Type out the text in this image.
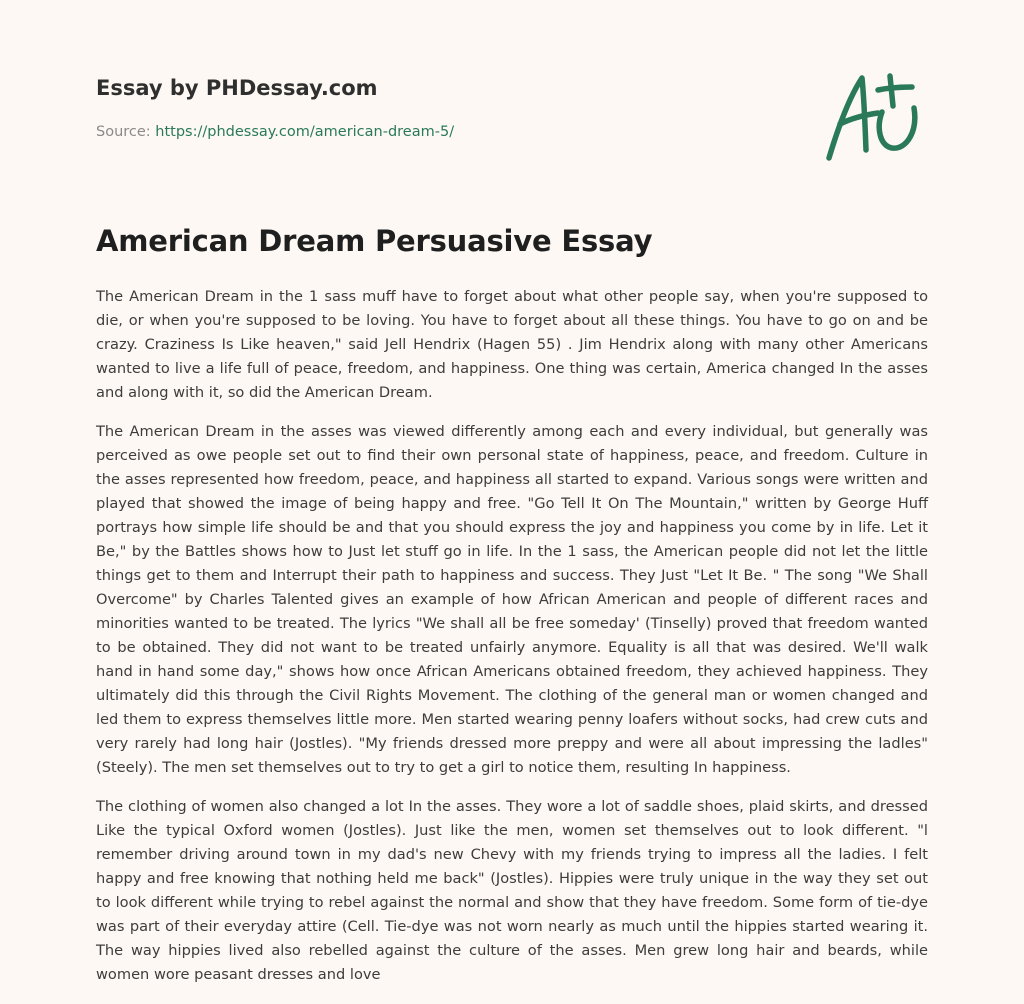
Essay by PHDessay.com
Source: https://phdessay.com/american-dream-5/
American Dream Persuasive Essay

The American Dream in the 1 sass muff have to forget about what other people say, when you're supposed to die, or when you're supposed to be loving. You have to forget about all these things. You have to go on and be crazy. Craziness Is Like heaven," said Jell Hendrix (Hagen 55) . Jim Hendrix along with many other Americans wanted to live a life full of peace, freedom, and happiness. One thing was certain, America changed In the asses and along with it, so did the American Dream.

The American Dream in the asses was viewed differently among each and every individual, but generally was perceived as owe people set out to find their own personal state of happiness, peace, and freedom. Culture in the asses represented how freedom, peace, and happiness all started to expand. Various songs were written and played that showed the image of being happy and free. "Go Tell It On The Mountain," written by George Huff portrays how simple life should be and that you should express the joy and happiness you come by in life. Let it Be," by the Battles shows how to Just let stuff go in life. In the 1 sass, the American people did not let the little things get to them and Interrupt their path to happiness and success. They Just "Let It Be. " The song "We Shall Overcome" by Charles Talented gives an example of how African American and people of different races and minorities wanted to be treated. The lyrics "We shall all be free someday' (Tinselly) proved that freedom wanted to be obtained. They did not want to be treated unfairly anymore. Equality is all that was desired. We'll walk hand in hand some day," shows how once African Americans obtained freedom, they achieved happiness. They ultimately did this through the Civil Rights Movement. The clothing of the general man or women changed and led them to express themselves little more. Men started wearing penny loafers without socks, had crew cuts and very rarely had long hair (Jostles). "My friends dressed more preppy and were all about impressing the ladles" (Steely). The men set themselves out to try to get a girl to notice them, resulting In happiness.

The clothing of women also changed a lot In the asses. They wore a lot of saddle shoes, plaid skirts, and dressed Like the typical Oxford women (Jostles). Just like the men, women set themselves out to look different. "l remember driving around town in my dad's new Chevy with my friends trying to impress all the ladies. I felt happy and free knowing that nothing held me back" (Jostles). Hippies were truly unique in the way they set out to look different while trying to rebel against the normal and show that they have freedom. Some form of tie-dye was part of their everyday attire (Cell. Tie-dye was not worn nearly as much until the hippies started wearing it. The way hippies lived also rebelled against the culture of the asses. Men grew long hair and beards, while women wore peasant dresses and love
